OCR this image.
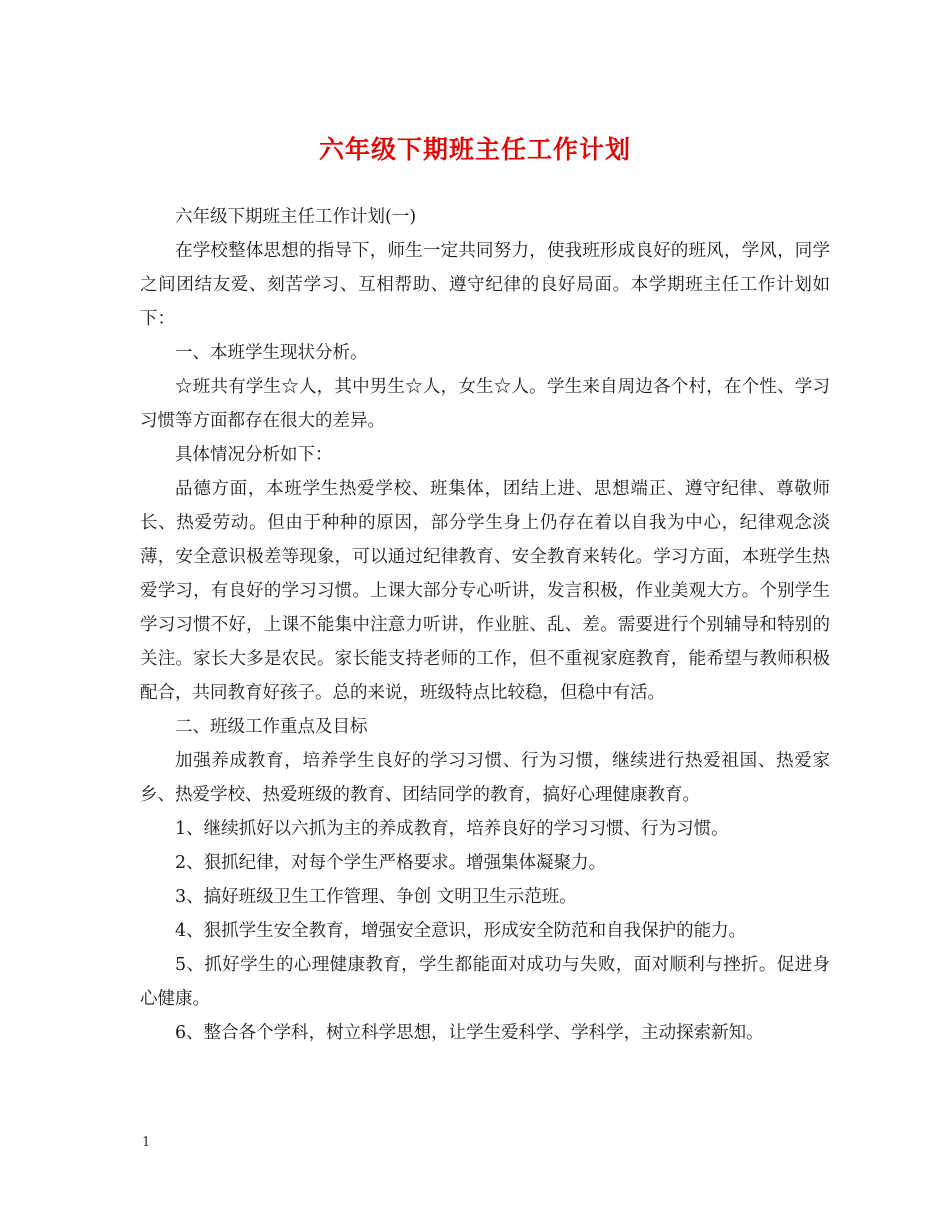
六年级下期班主任工作计划

六年级下期班主任工作计划(一)

在学校整体思想的指导下，师生一定共同努力，使我班形成良好的班风，学风，同学之间团结友爱、刻苦学习、互相帮助、遵守纪律的良好局面。本学期班主任工作计划如下：

一、本班学生现状分析。

☆班共有学生☆人，其中男生☆人，女生☆人。学生来自周边各个村，在个性、学习习惯等方面都存在很大的差异。

具体情况分析如下：

品德方面，本班学生热爱学校、班集体，团结上进、思想端正、遵守纪律、尊敬师长、热爱劳动。但由于种种的原因，部分学生身上仍存在着以自我为中心，纪律观念淡薄，安全意识极差等现象，可以通过纪律教育、安全教育来转化。学习方面，本班学生热爱学习，有良好的学习习惯。上课大部分专心听讲，发言积极，作业美观大方。个别学生学习习惯不好，上课不能集中注意力听讲，作业脏、乱、差。需要进行个别辅导和特别的关注。家长大多是农民。家长能支持老师的工作，但不重视家庭教育，能希望与教师积极配合，共同教育好孩子。总的来说，班级特点比较稳，但稳中有活。

二、班级工作重点及目标

加强养成教育，培养学生良好的学习习惯、行为习惯，继续进行热爱祖国、热爱家乡、热爱学校、热爱班级的教育、团结同学的教育，搞好心理健康教育。

1、继续抓好以六抓为主的养成教育，培养良好的学习习惯、行为习惯。

2、狠抓纪律，对每个学生严格要求。增强集体凝聚力。

3、搞好班级卫生工作管理、争创 文明卫生示范班。

4、狠抓学生安全教育，增强安全意识，形成安全防范和自我保护的能力。

5、抓好学生的心理健康教育，学生都能面对成功与失败，面对顺利与挫折。促进身心健康。

6、整合各个学科，树立科学思想，让学生爱科学、学科学，主动探索新知。

1
